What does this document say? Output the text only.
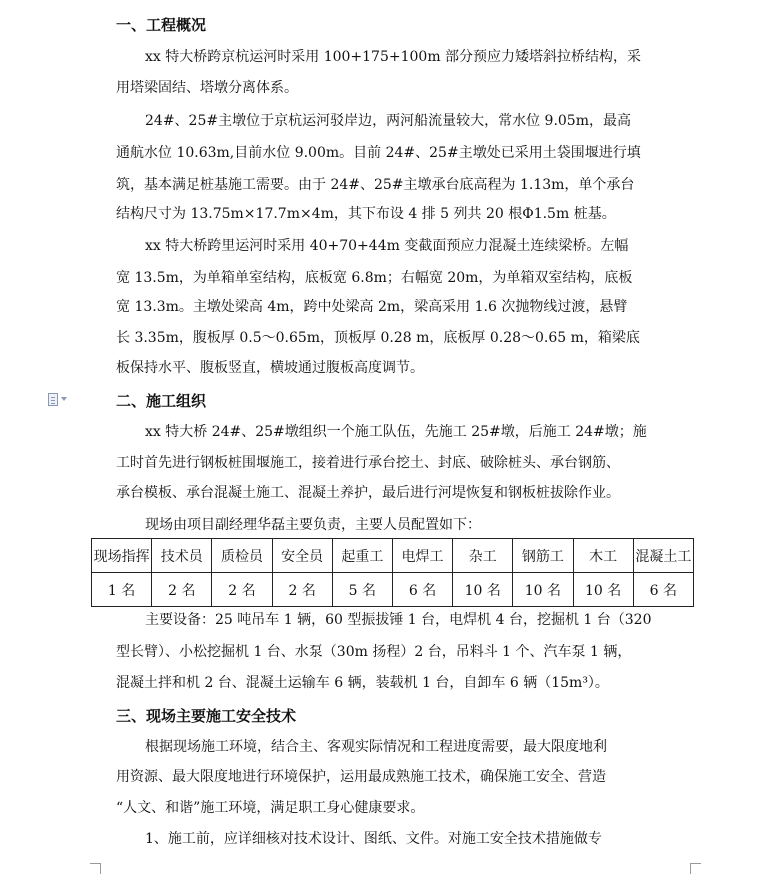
一、工程概况
xx 特大桥跨京杭运河时采用 100+175+100m 部分预应力矮塔斜拉桥结构，采
用塔梁固结、塔墩分离体系。
24#、25#主墩位于京杭运河驳岸边，两河船流量较大，常水位 9.05m，最高
通航水位 10.63m,目前水位 9.00m。目前 24#、25#主墩处已采用土袋围堰进行填
筑，基本满足桩基施工需要。由于 24#、25#主墩承台底高程为 1.13m，单个承台
结构尺寸为 13.75m×17.7m×4m，其下布设 4 排 5 列共 20 根Φ1.5m 桩基。
xx 特大桥跨里运河时采用 40+70+44m 变截面预应力混凝土连续梁桥。左幅
宽 13.5m，为单箱单室结构，底板宽 6.8m；右幅宽 20m，为单箱双室结构，底板
宽 13.3m。主墩处梁高 4m，跨中处梁高 2m，梁高采用 1.6 次抛物线过渡，悬臂
长 3.35m，腹板厚 0.5～0.65m，顶板厚 0.28 m，底板厚 0.28～0.65 m，箱梁底
板保持水平、腹板竖直，横坡通过腹板高度调节。
二、施工组织
xx 特大桥 24#、25#墩组织一个施工队伍，先施工 25#墩，后施工 24#墩；施
工时首先进行钢板桩围堰施工，接着进行承台挖土、封底、破除桩头、承台钢筋、
承台模板、承台混凝土施工、混凝土养护，最后进行河堤恢复和钢板桩拔除作业。
现场由项目副经理华磊主要负责，主要人员配置如下：
现场指挥	技术员	质检员	安全员	起重工	电焊工	杂工	钢筋工	木工	混凝土工
1 名	2 名	2 名	2 名	5 名	6 名	10 名	10 名	10 名	6 名
主要设备：25 吨吊车 1 辆，60 型振拔锤 1 台，电焊机 4 台，挖掘机 1 台（320
型长臂）、小松挖掘机 1 台、水泵（30m 扬程）2 台，吊料斗 1 个、汽车泵 1 辆，
混凝土拌和机 2 台、混凝土运输车 6 辆，装载机 1 台，自卸车 6 辆（15m³）。
三、现场主要施工安全技术
根据现场施工环境，结合主、客观实际情况和工程进度需要，最大限度地利
用资源、最大限度地进行环境保护，运用最成熟施工技术，确保施工安全、营造
“人文、和谐”施工环境，满足职工身心健康要求。
1、施工前，应详细核对技术设计、图纸、文件。对施工安全技术措施做专
